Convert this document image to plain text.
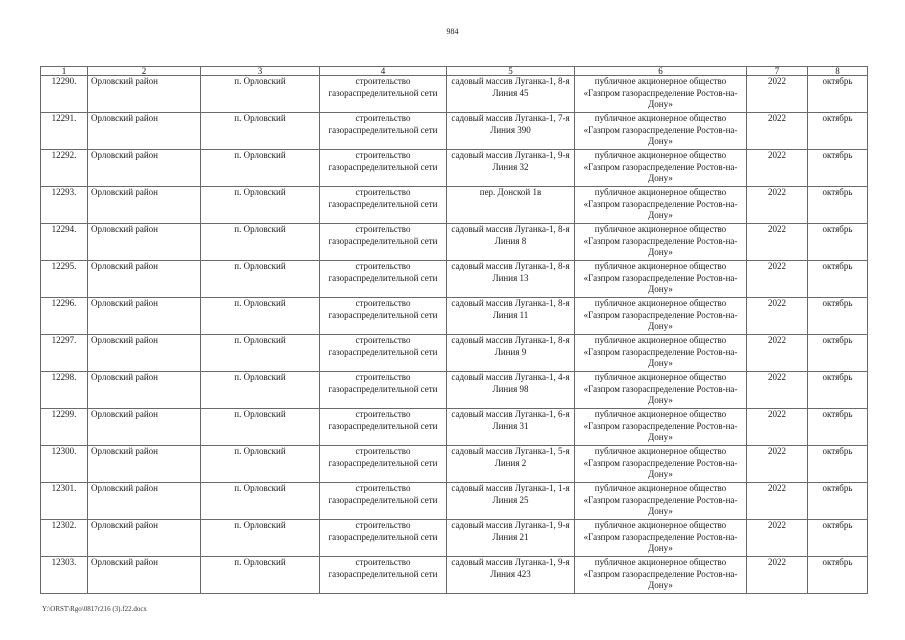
984
1	2	3	4	5	6	7	8
12290.	Орловский район	п. Орловский	строительство газораспределительной сети	садовый массив Луганка-1, 8-я Линия 45	публичное акционерное общество «Газпром газораспределение Ростов-на-Дону»	2022	октябрь
12291.	Орловский район	п. Орловский	строительство газораспределительной сети	садовый массив Луганка-1, 7-я Линия 390	публичное акционерное общество «Газпром газораспределение Ростов-на-Дону»	2022	октябрь
12292.	Орловский район	п. Орловский	строительство газораспределительной сети	садовый массив Луганка-1, 9-я Линия 32	публичное акционерное общество «Газпром газораспределение Ростов-на-Дону»	2022	октябрь
12293.	Орловский район	п. Орловский	строительство газораспределительной сети	пер. Донской 1в	публичное акционерное общество «Газпром газораспределение Ростов-на-Дону»	2022	октябрь
12294.	Орловский район	п. Орловский	строительство газораспределительной сети	садовый массив Луганка-1, 8-я Линия 8	публичное акционерное общество «Газпром газораспределение Ростов-на-Дону»	2022	октябрь
12295.	Орловский район	п. Орловский	строительство газораспределительной сети	садовый массив Луганка-1, 8-я Линия 13	публичное акционерное общество «Газпром газораспределение Ростов-на-Дону»	2022	октябрь
12296.	Орловский район	п. Орловский	строительство газораспределительной сети	садовый массив Луганка-1, 8-я Линия 11	публичное акционерное общество «Газпром газораспределение Ростов-на-Дону»	2022	октябрь
12297.	Орловский район	п. Орловский	строительство газораспределительной сети	садовый массив Луганка-1, 8-я Линия 9	публичное акционерное общество «Газпром газораспределение Ростов-на-Дону»	2022	октябрь
12298.	Орловский район	п. Орловский	строительство газораспределительной сети	садовый массив Луганка-1, 4-я Линия 98	публичное акционерное общество «Газпром газораспределение Ростов-на-Дону»	2022	октябрь
12299.	Орловский район	п. Орловский	строительство газораспределительной сети	садовый массив Луганка-1, 6-я Линия 31	публичное акционерное общество «Газпром газораспределение Ростов-на-Дону»	2022	октябрь
12300.	Орловский район	п. Орловский	строительство газораспределительной сети	садовый массив Луганка-1, 5-я Линия 2	публичное акционерное общество «Газпром газораспределение Ростов-на-Дону»	2022	октябрь
12301.	Орловский район	п. Орловский	строительство газораспределительной сети	садовый массив Луганка-1, 1-я Линия 25	публичное акционерное общество «Газпром газораспределение Ростов-на-Дону»	2022	октябрь
12302.	Орловский район	п. Орловский	строительство газораспределительной сети	садовый массив Луганка-1, 9-я Линия 21	публичное акционерное общество «Газпром газораспределение Ростов-на-Дону»	2022	октябрь
12303.	Орловский район	п. Орловский	строительство газораспределительной сети	садовый массив Луганка-1, 9-я Линия 423	публичное акционерное общество «Газпром газораспределение Ростов-на-Дону»	2022	октябрь
Y:\ORST\Rgo\0817r216 (3).f22.docx
